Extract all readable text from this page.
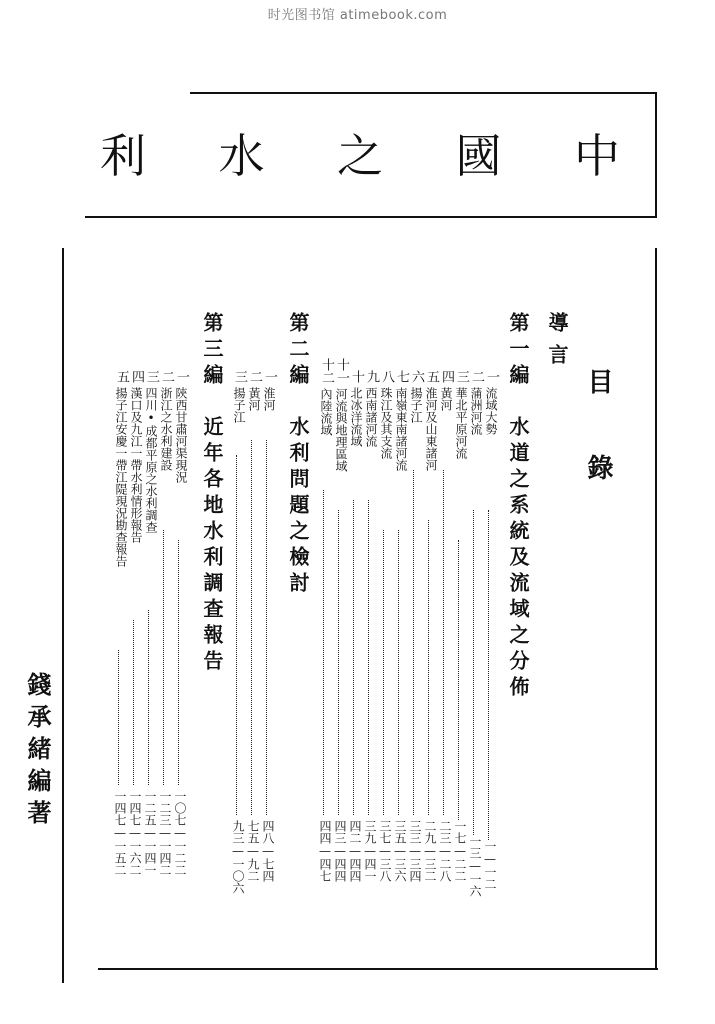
时光图书馆 atimebook.com
利 水 之 國 中
錢承緒編著
目錄
導言
第一編水道之系統及流域之分佈
一流域大勢
二蒲洲河流
三華北平原河流
四黃河
五淮河及山東諸河
六揚子江
七南嶺東南諸河流
八珠江及其支流
九西南諸河流
十北冰洋流域
十一河流與地理區域
十二內陸流域
第二編水利問題之檢討
一淮河
二黃河
三揚子江
第三編近年各地水利調查報告
一陝西甘肅河渠現況
二浙江之水利建設
三四川•成都平原之水利調查
四漢口及九江一帶水利情形報告
五揚子江安慶一帶江隄現況勘查報告
一—一二
一三—一六
一七—二二
二三—二八
二九—三二
三三—三四
三五—三六
三七—三八
三九—四一
四二—四四
四三—四四
四四—四七
四八—七四
七五—九二
九三—一〇六
一〇七—一二二
一二三—一四二
一二五—一四一
一四七—一六二
一四七—一五二
